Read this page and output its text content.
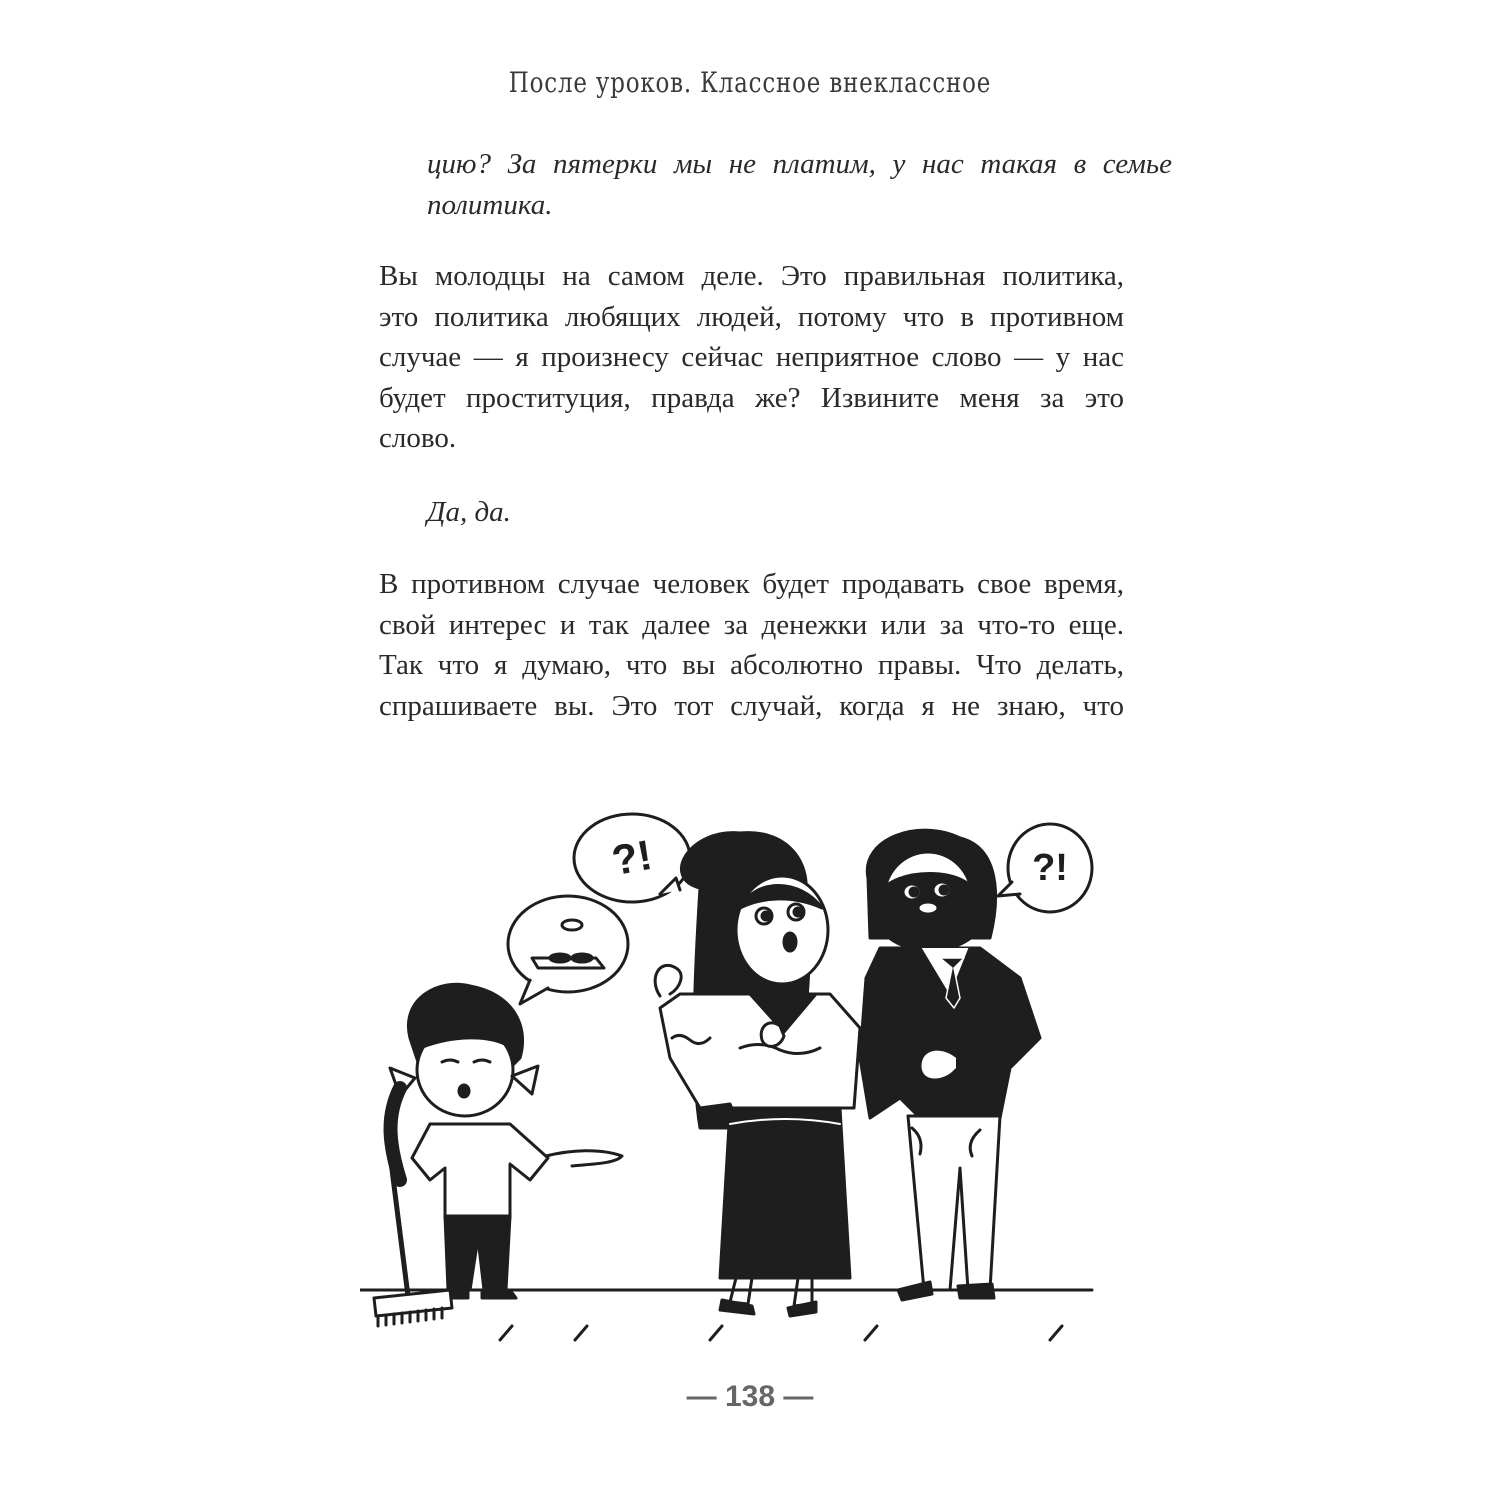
После уроков. Классное внеклассное
цию? За пятерки мы не платим, у нас такая в семье
политика.
Вы молодцы на самом деле. Это правильная политика,
это политика любящих людей, потому что в противном
случае — я произнесу сейчас неприятное слово — у нас
будет проституция, правда же? Извините меня за это
слово.
Да, да.
В противном случае человек будет продавать свое время,
свой интерес и так далее за денежки или за что-то еще.
Так что я думаю, что вы абсолютно правы. Что делать,
спрашиваете вы. Это тот случай, когда я не знаю, что
?!	?!
— 138 —
